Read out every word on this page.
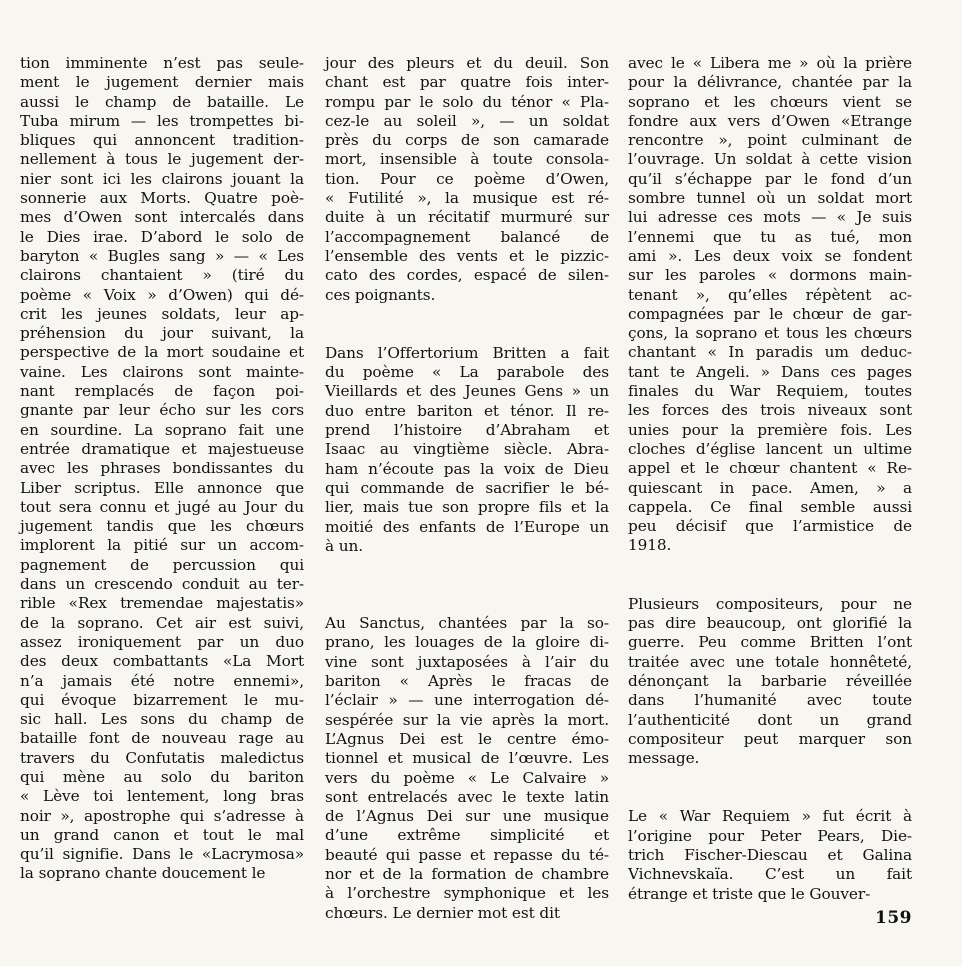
tion imminente n’est pas seule-
ment le jugement dernier mais
aussi le champ de bataille. Le
Tuba mirum — les trompettes bi-
bliques qui annoncent tradition-
nellement à tous le jugement der-
nier sont ici les clairons jouant la
sonnerie aux Morts. Quatre poè-
mes d’Owen sont intercalés dans
le Dies irae. D’abord le solo de
baryton « Bugles sang » — « Les
clairons chantaient » (tiré du
poème « Voix » d’Owen) qui dé-
crit les jeunes soldats, leur ap-
préhension du jour suivant, la
perspective de la mort soudaine et
vaine. Les clairons sont mainte-
nant remplacés de façon poi-
gnante par leur écho sur les cors
en sourdine. La soprano fait une
entrée dramatique et majestueuse
avec les phrases bondissantes du
Liber scriptus. Elle annonce que
tout sera connu et jugé au Jour du
jugement tandis que les chœurs
implorent la pitié sur un accom-
pagnement de percussion qui
dans un crescendo conduit au ter-
rible «Rex tremendae majestatis»
de la soprano. Cet air est suivi,
assez ironiquement par un duo
des deux combattants «La Mort
n’a jamais été notre ennemi»,
qui évoque bizarrement le mu-
sic hall. Les sons du champ de
bataille font de nouveau rage au
travers du Confutatis maledictus
qui mène au solo du bariton
« Lève toi lentement, long bras
noir », apostrophe qui s’adresse à
un grand canon et tout le mal
qu’il signifie. Dans le «Lacrymosa»
la soprano chante doucement le
jour des pleurs et du deuil. Son
chant est par quatre fois inter-
rompu par le solo du ténor « Pla-
cez-le au soleil », — un soldat
près du corps de son camarade
mort, insensible à toute consola-
tion. Pour ce poème d’Owen,
« Futilité », la musique est ré-
duite à un récitatif murmuré sur
l’accompagnement balancé de
l’ensemble des vents et le pizzic-
cato des cordes, espacé de silen-
ces poignants.
Dans l’Offertorium Britten a fait
du poème « La parabole des
Vieillards et des Jeunes Gens » un
duo entre bariton et ténor. Il re-
prend l’histoire d’Abraham et
Isaac au vingtième siècle. Abra-
ham n’écoute pas la voix de Dieu
qui commande de sacrifier le bé-
lier, mais tue son propre fils et la
moitié des enfants de l’Europe un
à un.
Au Sanctus, chantées par la so-
prano, les louages de la gloire di-
vine sont juxtaposées à l’air du
bariton « Après le fracas de
l’éclair » — une interrogation dé-
sespérée sur la vie après la mort.
L’Agnus Dei est le centre émo-
tionnel et musical de l’œuvre. Les
vers du poème « Le Calvaire »
sont entrelacés avec le texte latin
de l’Agnus Dei sur une musique
d’une extrême simplicité et
beauté qui passe et repasse du té-
nor et de la formation de chambre
à l’orchestre symphonique et les
chœurs. Le dernier mot est dit
avec le « Libera me » où la prière
pour la délivrance, chantée par la
soprano et les chœurs vient se
fondre aux vers d’Owen «Etrange
rencontre », point culminant de
l’ouvrage. Un soldat à cette vision
qu’il s’échappe par le fond d’un
sombre tunnel où un soldat mort
lui adresse ces mots — « Je suis
l’ennemi que tu as tué, mon
ami ». Les deux voix se fondent
sur les paroles « dormons main-
tenant », qu’elles répètent ac-
compagnées par le chœur de gar-
çons, la soprano et tous les chœurs
chantant « In paradis um deduc-
tant te Angeli. » Dans ces pages
finales du War Requiem, toutes
les forces des trois niveaux sont
unies pour la première fois. Les
cloches d’église lancent un ultime
appel et le chœur chantent « Re-
quiescant in pace. Amen, » a
cappela. Ce final semble aussi
peu décisif que l’armistice de
1918.
Plusieurs compositeurs, pour ne
pas dire beaucoup, ont glorifié la
guerre. Peu comme Britten l’ont
traitée avec une totale honnêteté,
dénonçant la barbarie réveillée
dans l’humanité avec toute
l’authenticité dont un grand
compositeur peut marquer son
message.
Le « War Requiem » fut écrit à
l’origine pour Peter Pears, Die-
trich Fischer-Diescau et Galina
Vichnevskaïa. C’est un fait
étrange et triste que le Gouver-
159
